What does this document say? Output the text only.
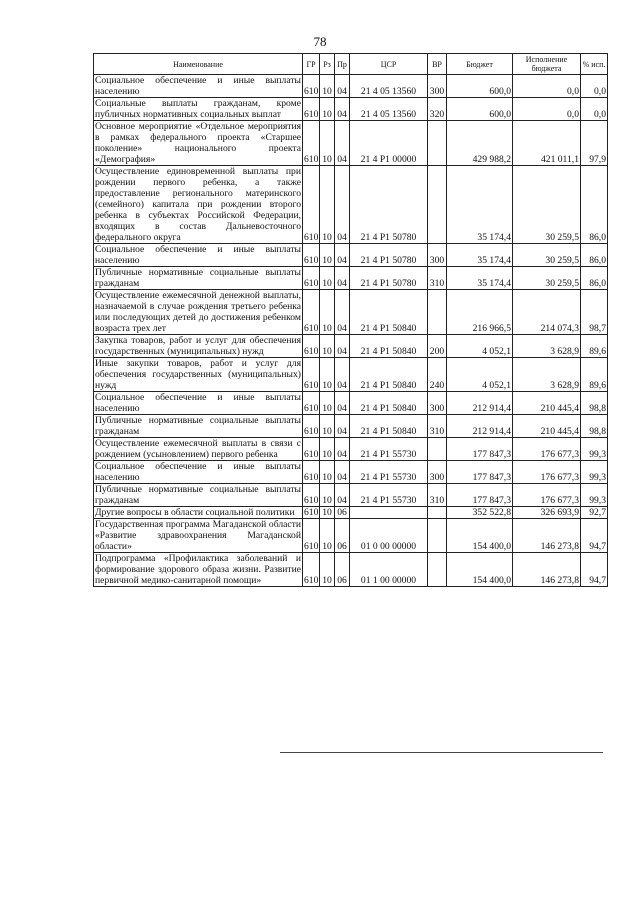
78
Наименование	ГР	Рз	Пр	ЦСР	ВР	Бюджет	Исполнение бюджета	% исп.
Социальное обеспечение и иные выплаты населению	610	10	04	21 4 05 13560	300	600,0	0,0	0,0
Социальные выплаты гражданам, кроме публичных нормативных социальных выплат	610	10	04	21 4 05 13560	320	600,0	0,0	0,0
Основное мероприятие «Отдельное мероприятия в рамках федерального проекта «Старшее поколение» национального проекта «Демография»	610	10	04	21 4 P1 00000		429 988,2	421 011,1	97,9
Осуществление единовременной выплаты при рождении первого ребенка, а также предоставление регионального материнского (семейного) капитала при рождении второго ребенка в субъектах Российской Федерации, входящих в состав Дальневосточного федерального округа	610	10	04	21 4 P1 50780		35 174,4	30 259,5	86,0
Социальное обеспечение и иные выплаты населению	610	10	04	21 4 P1 50780	300	35 174,4	30 259,5	86,0
Публичные нормативные социальные выплаты гражданам	610	10	04	21 4 P1 50780	310	35 174,4	30 259,5	86,0
Осуществление ежемесячной денежной выплаты, назначаемой в случае рождения третьего ребенка или последующих детей до достижения ребенком возраста трех лет	610	10	04	21 4 P1 50840		216 966,5	214 074,3	98,7
Закупка товаров, работ и услуг для обеспечения государственных (муниципальных) нужд	610	10	04	21 4 P1 50840	200	4 052,1	3 628,9	89,6
Иные закупки товаров, работ и услуг для обеспечения государственных (муниципальных) нужд	610	10	04	21 4 P1 50840	240	4 052,1	3 628,9	89,6
Социальное обеспечение и иные выплаты населению	610	10	04	21 4 P1 50840	300	212 914,4	210 445,4	98,8
Публичные нормативные социальные выплаты гражданам	610	10	04	21 4 P1 50840	310	212 914,4	210 445,4	98,8
Осуществление ежемесячной выплаты в связи с рождением (усыновлением) первого ребенка	610	10	04	21 4 P1 55730		177 847,3	176 677,3	99,3
Социальное обеспечение и иные выплаты населению	610	10	04	21 4 P1 55730	300	177 847,3	176 677,3	99,3
Публичные нормативные социальные выплаты гражданам	610	10	04	21 4 P1 55730	310	177 847,3	176 677,3	99,3
Другие вопросы в области социальной политики	610	10	06			352 522,8	326 693,9	92,7
Государственная программа Магаданской области «Развитие здравоохранения Магаданской области»	610	10	06	01 0 00 00000		154 400,0	146 273,8	94,7
Подпрограмма «Профилактика заболеваний и формирование здорового образа жизни. Развитие первичной медико-санитарной помощи»	610	10	06	01 1 00 00000		154 400,0	146 273,8	94,7
